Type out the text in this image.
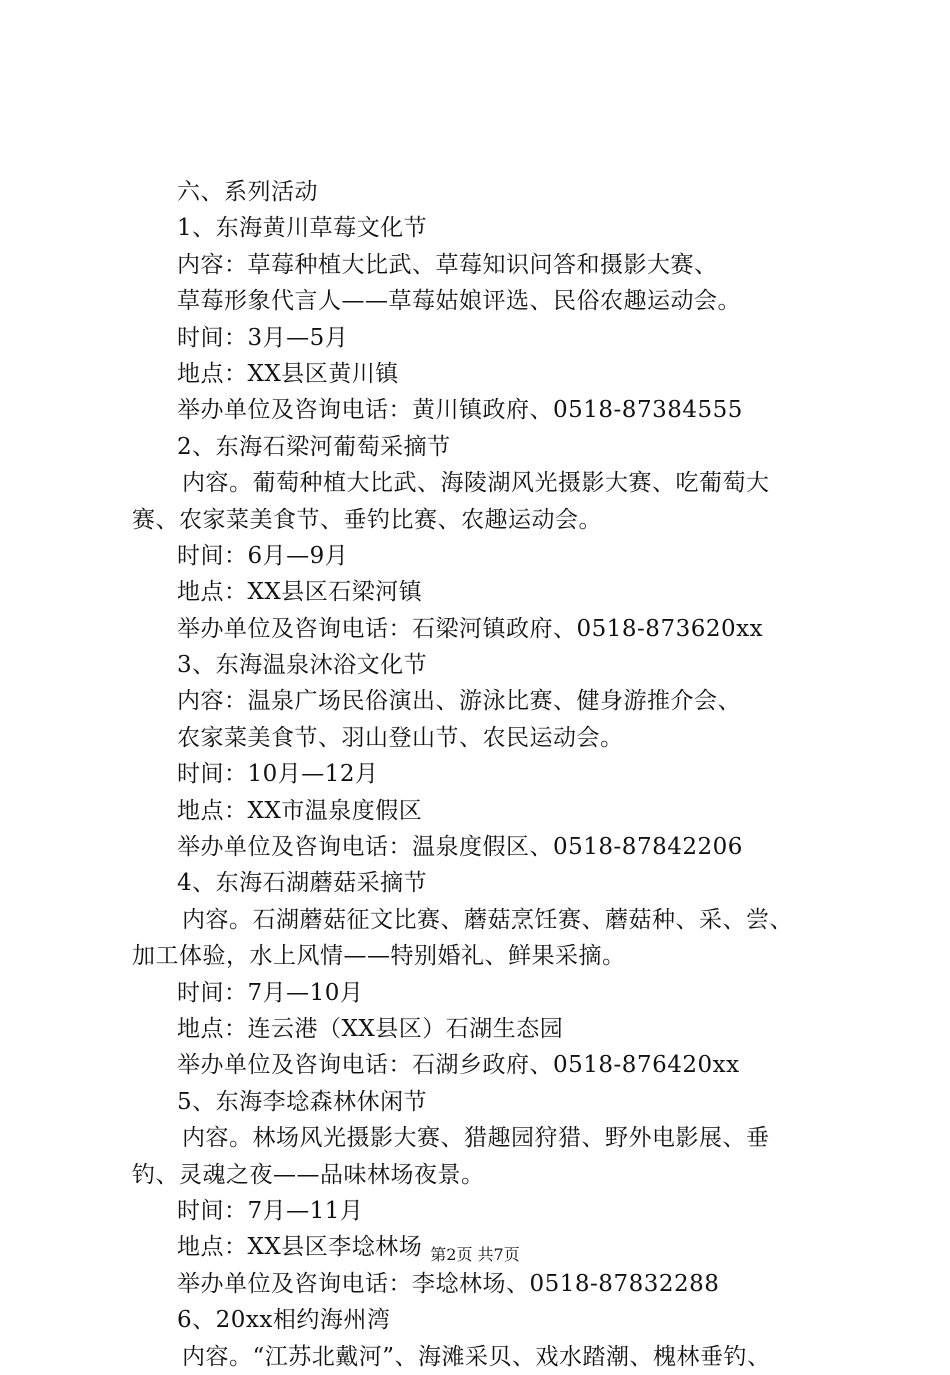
六、系列活动
1、东海黄川草莓文化节
内容：草莓种植大比武、草莓知识问答和摄影大赛、
草莓形象代言人——草莓姑娘评选、民俗农趣运动会。
时间：3月—5月
地点：XX县区黄川镇
举办单位及咨询电话：黄川镇政府、0518-87384555
2、东海石梁河葡萄采摘节
内容。葡萄种植大比武、海陵湖风光摄影大赛、吃葡萄大
赛、农家菜美食节、垂钓比赛、农趣运动会。
时间：6月—9月
地点：XX县区石梁河镇
举办单位及咨询电话：石梁河镇政府、0518-873620xx
3、东海温泉沐浴文化节
内容：温泉广场民俗演出、游泳比赛、健身游推介会、
农家菜美食节、羽山登山节、农民运动会。
时间：10月—12月
地点：XX市温泉度假区
举办单位及咨询电话：温泉度假区、0518-87842206
4、东海石湖蘑菇采摘节
内容。石湖蘑菇征文比赛、蘑菇烹饪赛、蘑菇种、采、尝、
加工体验，水上风情——特别婚礼、鲜果采摘。
时间：7月—10月
地点：连云港（XX县区）石湖生态园
举办单位及咨询电话：石湖乡政府、0518-876420xx
5、东海李埝森林休闲节
内容。林场风光摄影大赛、猎趣园狩猎、野外电影展、垂
钓、灵魂之夜——品味林场夜景。
时间：7月—11月
地点：XX县区李埝林场
举办单位及咨询电话：李埝林场、0518-87832288
6、20xx相约海州湾
内容。“江苏北戴河”、海滩采贝、戏水踏潮、槐林垂钓、
第2页 共7页
